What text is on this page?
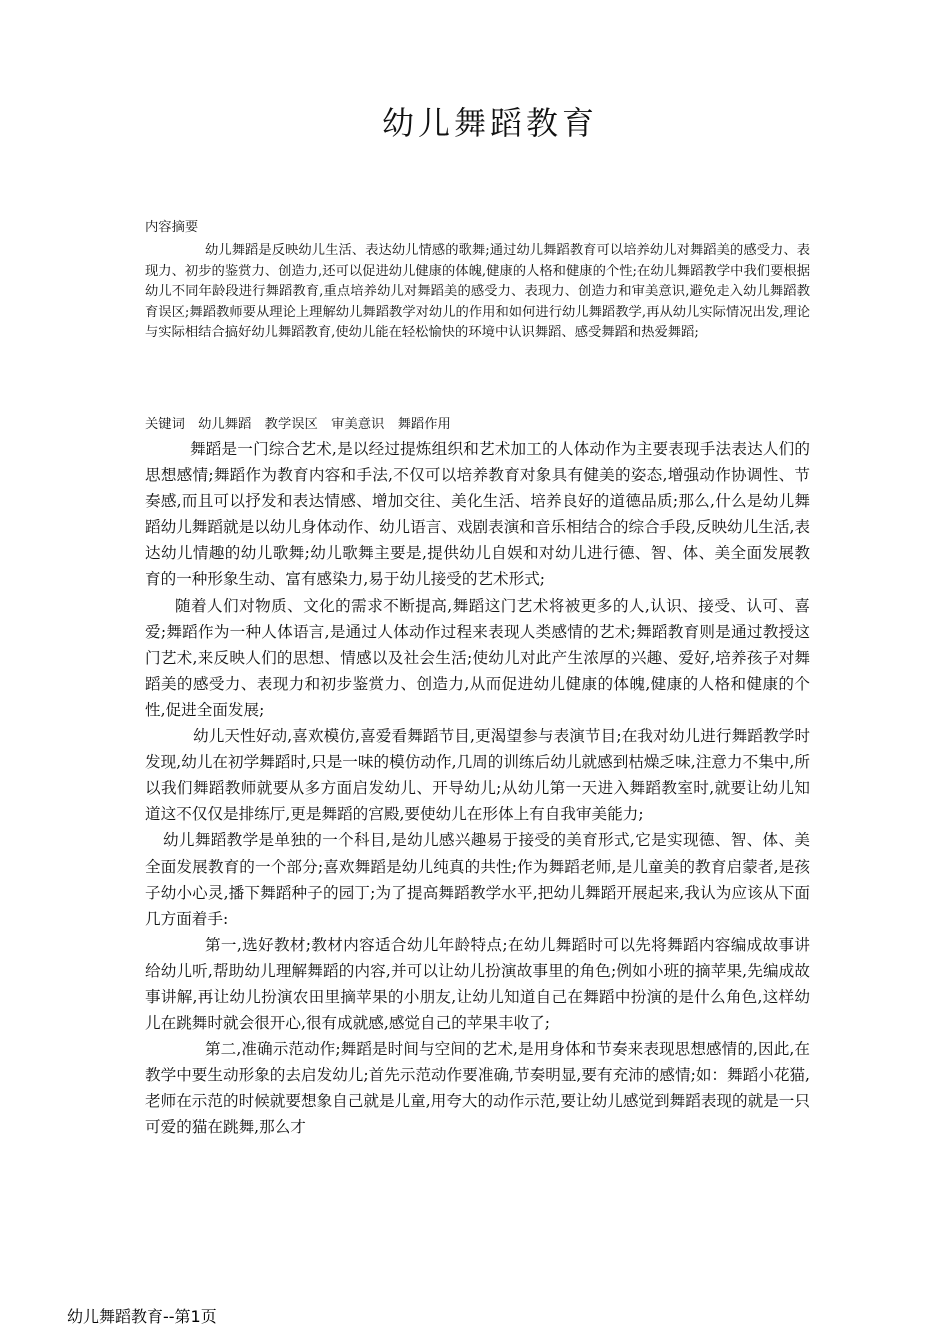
幼儿舞蹈教育
内容摘要

幼儿舞蹈是反映幼儿生活、表达幼儿情感的歌舞;通过幼儿舞蹈教育可以培养幼儿对舞蹈美的感受力、表现力、初步的鉴赏力、创造力,还可以促进幼儿健康的体魄,健康的人格和健康的个性;在幼儿舞蹈教学中我们要根据幼儿不同年龄段进行舞蹈教育,重点培养幼儿对舞蹈美的感受力、表现力、创造力和审美意识,避免走入幼儿舞蹈教育误区;舞蹈教师要从理论上理解幼儿舞蹈教学对幼儿的作用和如何进行幼儿舞蹈教学,再从幼儿实际情况出发,理论与实际相结合搞好幼儿舞蹈教育,使幼儿能在轻松愉快的环境中认识舞蹈、感受舞蹈和热爱舞蹈;

关键词　幼儿舞蹈　教学误区　审美意识　舞蹈作用

舞蹈是一门综合艺术,是以经过提炼组织和艺术加工的人体动作为主要表现手法表达人们的思想感情;舞蹈作为教育内容和手法,不仅可以培养教育对象具有健美的姿态,增强动作协调性、节奏感,而且可以抒发和表达情感、增加交往、美化生活、培养良好的道德品质;那么,什么是幼儿舞蹈幼儿舞蹈就是以幼儿身体动作、幼儿语言、戏剧表演和音乐相结合的综合手段,反映幼儿生活,表达幼儿情趣的幼儿歌舞;幼儿歌舞主要是,提供幼儿自娱和对幼儿进行德、智、体、美全面发展教育的一种形象生动、富有感染力,易于幼儿接受的艺术形式;

随着人们对物质、文化的需求不断提高,舞蹈这门艺术将被更多的人,认识、接受、认可、喜爱;舞蹈作为一种人体语言,是通过人体动作过程来表现人类感情的艺术;舞蹈教育则是通过教授这门艺术,来反映人们的思想、情感以及社会生活;使幼儿对此产生浓厚的兴趣、爱好,培养孩子对舞蹈美的感受力、表现力和初步鉴赏力、创造力,从而促进幼儿健康的体魄,健康的人格和健康的个性,促进全面发展;

幼儿天性好动,喜欢模仿,喜爱看舞蹈节目,更渴望参与表演节目;在我对幼儿进行舞蹈教学时发现,幼儿在初学舞蹈时,只是一味的模仿动作,几周的训练后幼儿就感到枯燥乏味,注意力不集中,所以我们舞蹈教师就要从多方面启发幼儿、开导幼儿;从幼儿第一天进入舞蹈教室时,就要让幼儿知道这不仅仅是排练厅,更是舞蹈的宫殿,要使幼儿在形体上有自我审美能力;

幼儿舞蹈教学是单独的一个科目,是幼儿感兴趣易于接受的美育形式,它是实现德、智、体、美全面发展教育的一个部分;喜欢舞蹈是幼儿纯真的共性;作为舞蹈老师,是儿童美的教育启蒙者,是孩子幼小心灵,播下舞蹈种子的园丁;为了提高舞蹈教学水平,把幼儿舞蹈开展起来,我认为应该从下面几方面着手:

第一,选好教材;教材内容适合幼儿年龄特点;在幼儿舞蹈时可以先将舞蹈内容编成故事讲给幼儿听,帮助幼儿理解舞蹈的内容,并可以让幼儿扮演故事里的角色;例如小班的摘苹果,先编成故事讲解,再让幼儿扮演农田里摘苹果的小朋友,让幼儿知道自己在舞蹈中扮演的是什么角色,这样幼儿在跳舞时就会很开心,很有成就感,感觉自己的苹果丰收了;

第二,准确示范动作;舞蹈是时间与空间的艺术,是用身体和节奏来表现思想感情的,因此,在教学中要生动形象的去启发幼儿;首先示范动作要准确,节奏明显,要有充沛的感情;如：舞蹈小花猫,老师在示范的时候就要想象自己就是儿童,用夸大的动作示范,要让幼儿感觉到舞蹈表现的就是一只可爱的猫在跳舞,那么才

幼儿舞蹈教育--第1页
